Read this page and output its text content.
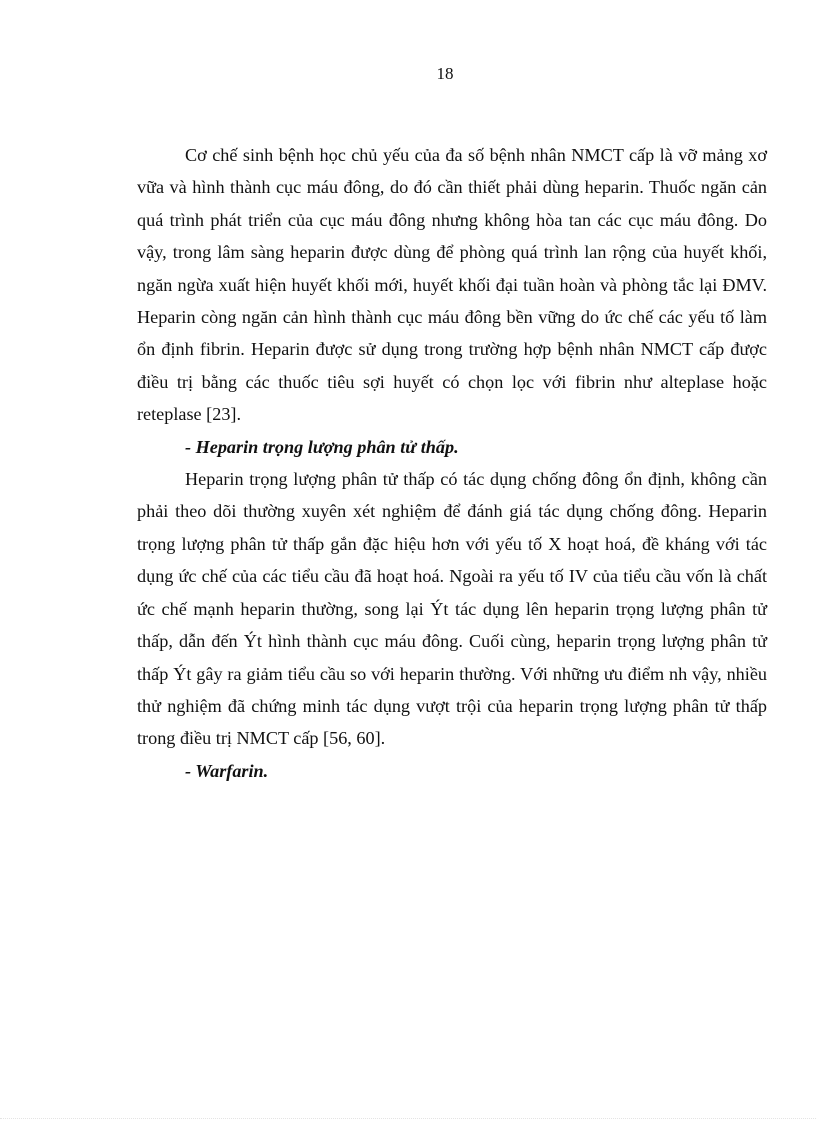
18

Cơ chế sinh bệnh học chủ yếu của đa số bệnh nhân NMCT cấp là vỡ mảng xơ vữa và hình thành cục máu đông, do đó cần thiết phải dùng heparin. Thuốc ngăn cản quá trình phát triển của cục máu đông nhưng không hòa tan các cục máu đông. Do vậy, trong lâm sàng heparin được dùng để phòng quá trình lan rộng của huyết khối, ngăn ngừa xuất hiện huyết khối mới, huyết khối đại tuần hoàn và phòng tắc lại ĐMV. Heparin còng ngăn cản hình thành cục máu đông bền vững do ức chế các yếu tố làm ổn định fibrin. Heparin được sử dụng trong trường hợp bệnh nhân NMCT cấp được điều trị bằng các thuốc tiêu sợi huyết có chọn lọc với fibrin như alteplase hoặc reteplase [23].

- Heparin trọng lượng phân tử thấp.

Heparin trọng lượng phân tử thấp có tác dụng chống đông ổn định, không cần phải theo dõi thường xuyên xét nghiệm để đánh giá tác dụng chống đông. Heparin trọng lượng phân tử thấp gắn đặc hiệu hơn với yếu tố X hoạt hoá, đề kháng với tác dụng ức chế của các tiểu cầu đã hoạt hoá. Ngoài ra yếu tố IV của tiểu cầu vốn là chất ức chế mạnh heparin thường, song lại Ýt tác dụng lên heparin trọng lượng phân tử thấp, dẫn đến Ýt hình thành cục máu đông. Cuối cùng, heparin trọng lượng phân tử thấp Ýt gây ra giảm tiểu cầu so với heparin thường. Với những ưu điểm nh vậy, nhiều thử nghiệm đã chứng minh tác dụng vượt trội của heparin trọng lượng phân tử thấp trong điều trị NMCT cấp [56, 60].

- Warfarin.
